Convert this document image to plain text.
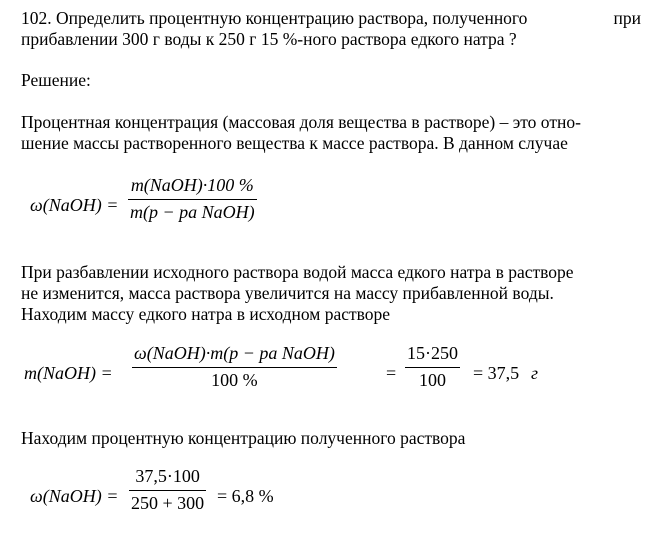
102. Определить процентную концентрацию раствора, полученного	при
прибавлении 300 г воды к 250 г 15 %-ного раствора едкого натра ?
Решение:
Процентная концентрация (массовая доля вещества в растворе) – это отно-
шение массы растворенного вещества к массе раствора. В данном случае
ω(NaOH) =
m(NaOH)·100 %
m(p − pa NaOH)
При разбавлении исходного раствора водой масса едкого натра в растворе
не изменится, масса раствора увеличится на массу прибавленной воды.
Находим массу едкого натра в исходном растворе
m(NaOH) =
ω(NaOH)·m(p − pa NaOH)
100 %	=
15·250
100 = 37,5 г
Находим процентную концентрацию полученного раствора
ω(NaOH) =
37,5·100
250 + 300 = 6,8 %
